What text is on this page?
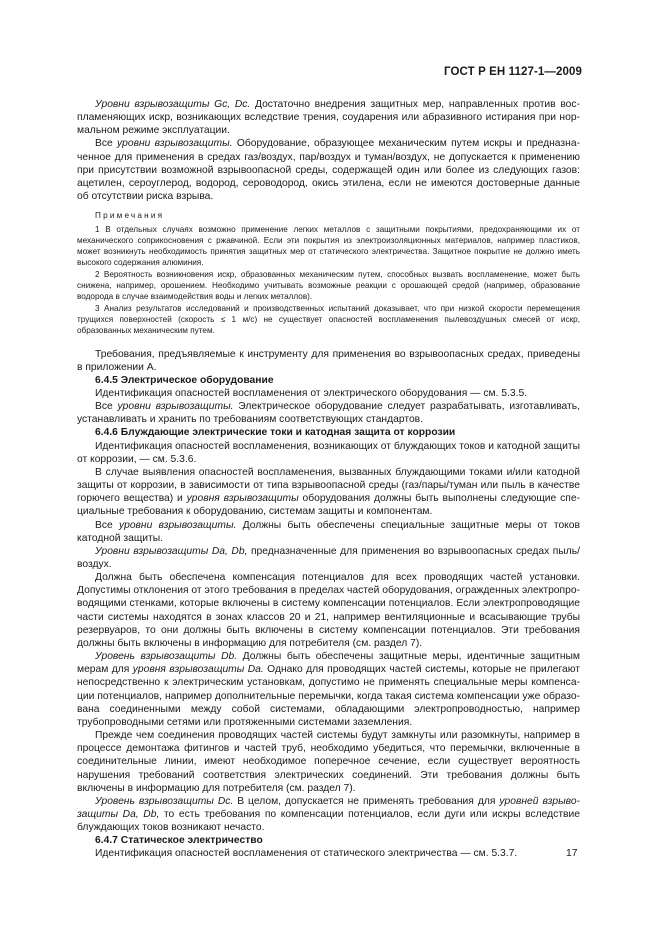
ГОСТ Р ЕН 1127-1—2009

Уровни взрывозащиты Gc, Dc. Достаточно внедрения защитных мер, направленных против воспламеняющих искр, возникающих вследствие трения, соударения или абразивного истирания при нормальном режиме эксплуатации.

Все уровни взрывозащиты. Оборудование, образующее механическим путем искры и предназначенное для применения в средах газ/воздух, пар/воздух и туман/воздух, не допускается к применению при присутствии возможной взрывоопасной среды, содержащей один или более из следующих газов: ацетилен, сероуглерод, водород, сероводород, окись этилена, если не имеются достоверные данные об отсутствии риска взрыва.

Примечания

1 В отдельных случаях возможно применение легких металлов с защитными покрытиями, предохраняющими их от механического соприкосновения с ржавчиной. Если эти покрытия из электроизоляционных материалов, например пластиков, может возникнуть необходимость принятия защитных мер от статического электричества. Защитное покрытие не должно иметь высокого содержания алюминия.

2 Вероятность возникновения искр, образованных механическим путем, способных вызвать воспламенение, может быть снижена, например, орошением. Необходимо учитывать возможные реакции с орошающей средой (например, образование водорода в случае взаимодействия воды и легких металлов).

3 Анализ результатов исследований и производственных испытаний доказывает, что при низкой скорости перемещения трущихся поверхностей (скорость ≤ 1 м/с) не существует опасностей воспламенения пылевоздушных смесей от искр, образованных механическим путем.

Требования, предъявляемые к инструменту для применения во взрывоопасных средах, приведены в приложении А.

6.4.5 Электрическое оборудование

Идентификация опасностей воспламенения от электрического оборудования — см. 5.3.5.

Все уровни взрывозащиты. Электрическое оборудование следует разрабатывать, изготавливать, устанавливать и хранить по требованиям соответствующих стандартов.

6.4.6 Блуждающие электрические токи и катодная защита от коррозии

Идентификация опасностей воспламенения, возникающих от блуждающих токов и катодной защиты от коррозии, — см. 5.3.6.

В случае выявления опасностей воспламенения, вызванных блуждающими токами и/или катодной защиты от коррозии, в зависимости от типа взрывоопасной среды (газ/пары/туман или пыль в качестве горючего вещества) и уровня взрывозащиты оборудования должны быть выполнены следующие специальные требования к оборудованию, системам защиты и компонентам.

Все уровни взрывозащиты. Должны быть обеспечены специальные защитные меры от токов катодной защиты.

Уровни взрывозащиты Da, Db, предназначенные для применения во взрывоопасных средах пыль/воздух.

Должна быть обеспечена компенсация потенциалов для всех проводящих частей установки. Допустимы отклонения от этого требования в пределах частей оборудования, огражденных электропроводящими стенками, которые включены в систему компенсации потенциалов. Если электропроводящие части системы находятся в зонах классов 20 и 21, например вентиляционные и всасывающие трубы резервуаров, то они должны быть включены в систему компенсации потенциалов. Эти требования должны быть включены в информацию для потребителя (см. раздел 7).

Уровень взрывозащиты Db. Должны быть обеспечены защитные меры, идентичные защитным мерам для уровня взрывозащиты Da. Однако для проводящих частей системы, которые не прилегают непосредственно к электрическим установкам, допустимо не применять специальные меры компенсации потенциалов, например дополнительные перемычки, когда такая система компенсации уже образована соединенными между собой системами, обладающими электропроводностью, например трубопроводными сетями или протяженными системами заземления.

Прежде чем соединения проводящих частей системы будут замкнуты или разомкнуты, например в процессе демонтажа фитингов и частей труб, необходимо убедиться, что перемычки, включенные в соединительные линии, имеют необходимое поперечное сечение, если существует вероятность нарушения требований соответствия электрических соединений. Эти требования должны быть включены в информацию для потребителя (см. раздел 7).

Уровень взрывозащиты Dc. В целом, допускается не применять требования для уровней взрывозащиты Da, Db, то есть требования по компенсации потенциалов, если дуги или искры вследствие блуждающих токов возникают нечасто.

6.4.7 Статическое электричество

Идентификация опасностей воспламенения от статического электричества — см. 5.3.7.	17
